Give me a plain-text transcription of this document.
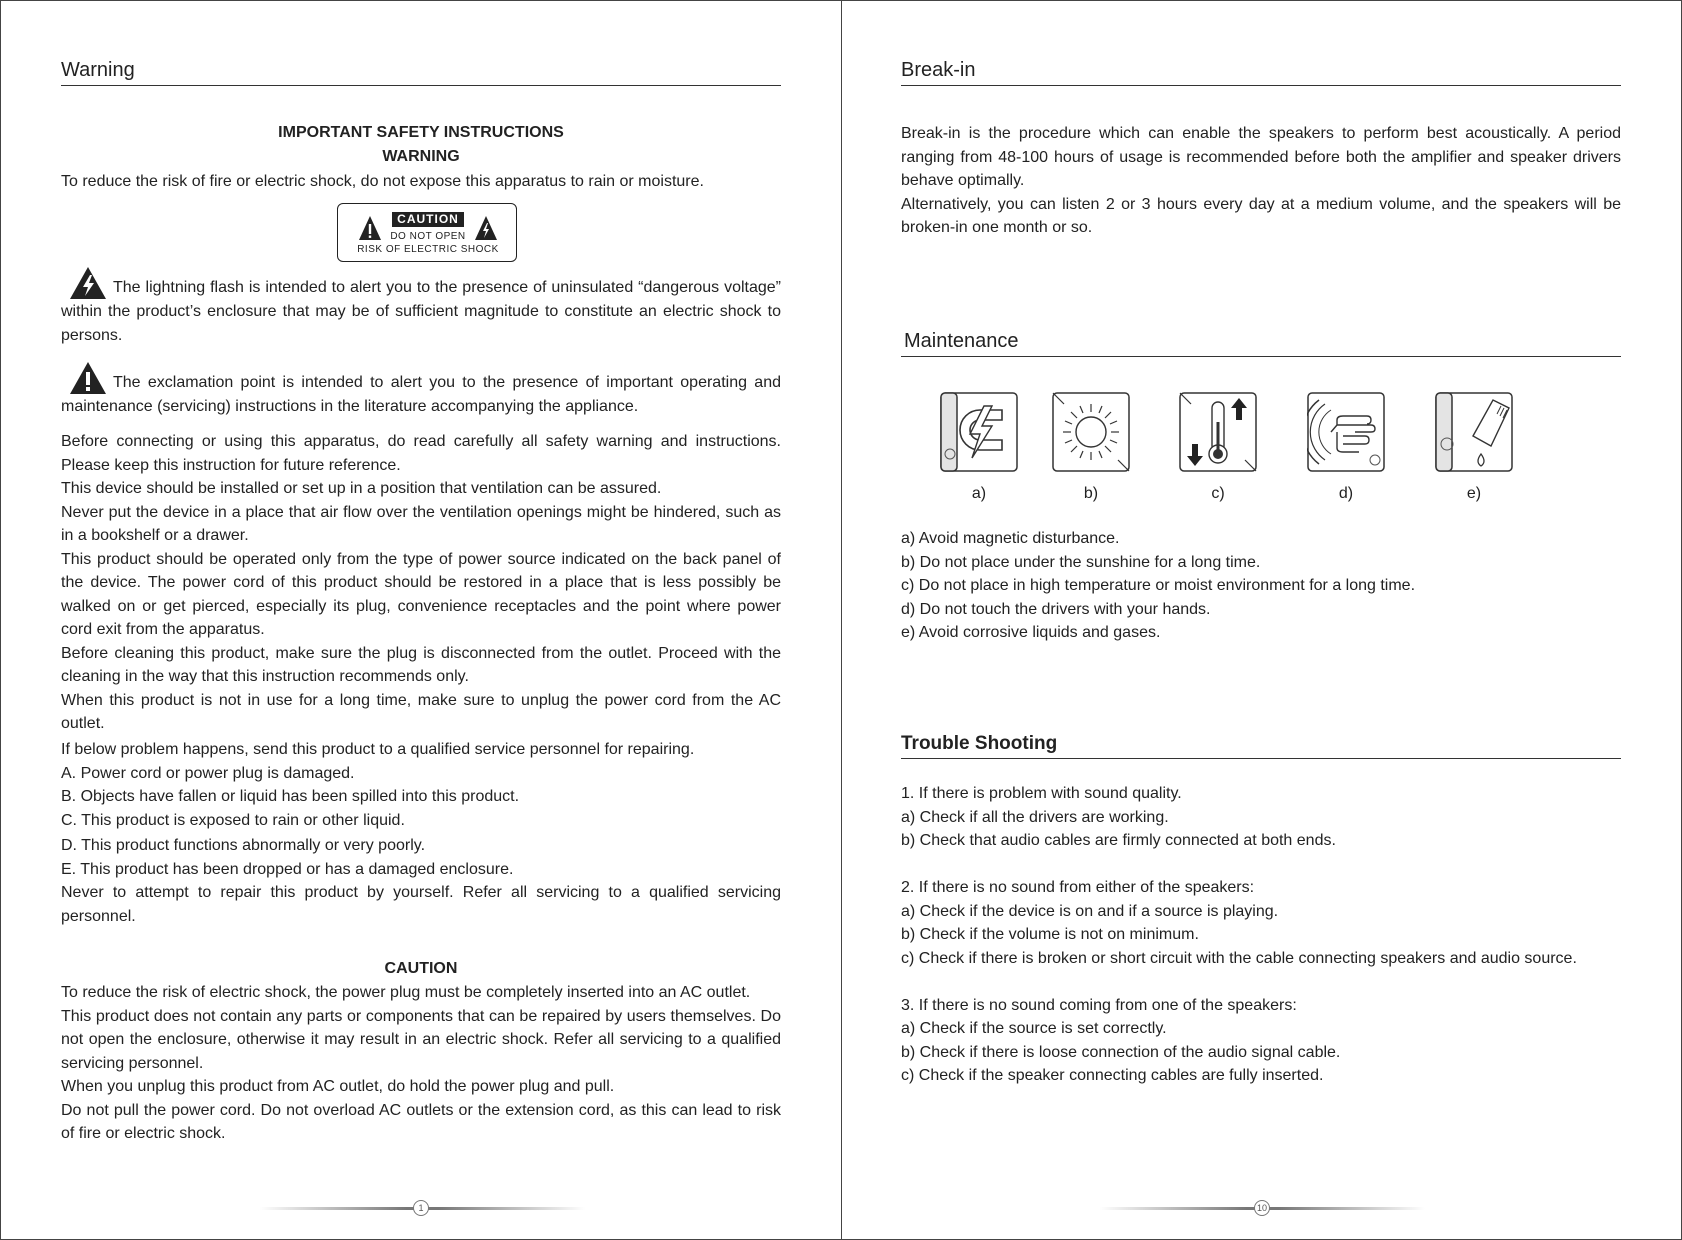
Warning
IMPORTANT SAFETY INSTRUCTIONS
WARNING
To reduce the risk of fire or electric shock, do not expose this apparatus to rain or moisture.
CAUTION
DO NOT OPEN
RISK OF ELECTRIC SHOCK
The lightning flash is intended to alert you to the presence of uninsulated “dangerous voltage” within the product’s enclosure that may be of sufficient magnitude to constitute an electric shock to persons.
The exclamation point is intended to alert you to the presence of important operating and maintenance (servicing) instructions in the literature accompanying the appliance.

Before connecting or using this apparatus, do read carefully all safety warning and instructions. Please keep this instruction for future reference.

This device should be installed or set up in a position that ventilation can be assured.

Never put the device in a place that air flow over the ventilation openings might be hindered, such as in a bookshelf or a drawer.

This product should be operated only from the type of power source indicated on the back panel of the device. The power cord of this product should be restored in a place that is less possibly be walked on or get pierced, especially its plug, convenience receptacles and the point where power cord exit from the apparatus.

Before cleaning this product, make sure the plug is disconnected from the outlet. Proceed with the cleaning in the way that this instruction recommends only.

When this product is not in use for a long time, make sure to unplug the power cord from the AC outlet.

If below problem happens, send this product to a qualified service personnel for repairing.

A. Power cord or power plug is damaged.

B. Objects have fallen or liquid has been spilled into this product.

C. This product is exposed to rain or other liquid.

D. This product functions abnormally or very poorly.

E. This product has been dropped or has a damaged enclosure.

Never to attempt to repair this product by yourself. Refer all servicing to a qualified servicing personnel.

CAUTION

To reduce the risk of electric shock, the power plug must be completely inserted into an AC outlet.

This product does not contain any parts or components that can be repaired by users themselves. Do not open the enclosure, otherwise it may result in an electric shock. Refer all servicing to a qualified servicing personnel.

When you unplug this product from AC outlet, do hold the power plug and pull.

Do not pull the power cord. Do not overload AC outlets or the extension cord, as this can lead to risk of fire or electric shock.

1
Break-in

Break-in is the procedure which can enable the speakers to perform best acoustically. A period ranging from 48-100 hours of usage is recommended before both the amplifier and speaker drivers behave optimally.

Alternatively, you can listen 2 or 3 hours every day at a medium volume, and the speakers will be broken-in one month or so.

Maintenance
a)	b)	c)	d)	e)

a) Avoid magnetic disturbance.

b) Do not place under the sunshine for a long time.

c) Do not place in high temperature or moist environment for a long time.

d) Do not touch the drivers with your hands.

e) Avoid corrosive liquids and gases.

Trouble Shooting

1. If there is problem with sound quality.

a) Check if all the drivers are working.

b) Check that audio cables are firmly connected at both ends.

2. If there is no sound from either of the speakers:

a) Check if the device is on and if a source is playing.

b) Check if the volume is not on minimum.

c) Check if there is broken or short circuit with the cable connecting speakers and audio source.

3. If there is no sound coming from one of the speakers:

a) Check if the source is set correctly.

b) Check if there is loose connection of the audio signal cable.

c) Check if the speaker connecting cables are fully inserted.

10
